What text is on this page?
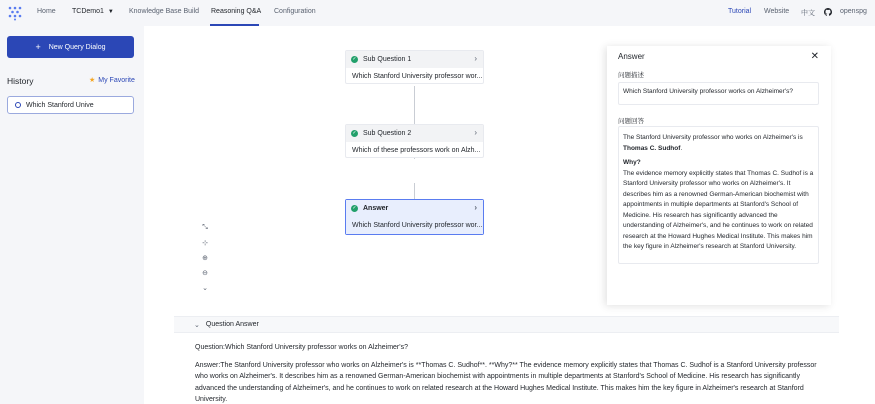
Home TCDemo1 ▼ Knowledge Base Build Reasoning Q&A Configuration	Tutorial Website 中文	openspg
+ New Query Dialog
History	★ My Favorite
Which Stanford Unive
✓ Sub Question 1	›
Which Stanford University professor wor...
✓ Sub Question 2	›
Which of these professors work on Alzh...
✓ Answer	›
Which Stanford University professor wor...
⤡
⊹
⊕
⊖
⌄
Answer	✕
问题描述
Which Stanford University professor works on Alzheimer's?
问题回答
The Stanford University professor who works on Alzheimer's is Thomas C. Sudhof.
Why?
The evidence memory explicitly states that Thomas C. Sudhof is a Stanford University professor who works on Alzheimer's. It describes him as a renowned German-American biochemist with appointments in multiple departments at Stanford's School of Medicine. His research has significantly advanced the understanding of Alzheimer's, and he continues to work on related research at the Howard Hughes Medical Institute. This makes him the key figure in Alzheimer's research at Stanford University.
⌄ Question Answer
Question:Which Stanford University professor works on Alzheimer's?
Answer:The Stanford University professor who works on Alzheimer's is **Thomas C. Sudhof**. **Why?** The evidence memory explicitly states that Thomas C. Sudhof is a Stanford University professor who works on Alzheimer's. It describes him as a renowned German-American biochemist with appointments in multiple departments at Stanford's School of Medicine. His research has significantly advanced the understanding of Alzheimer's, and he continues to work on related research at the Howard Hughes Medical Institute. This makes him the key figure in Alzheimer's research at Stanford University.
